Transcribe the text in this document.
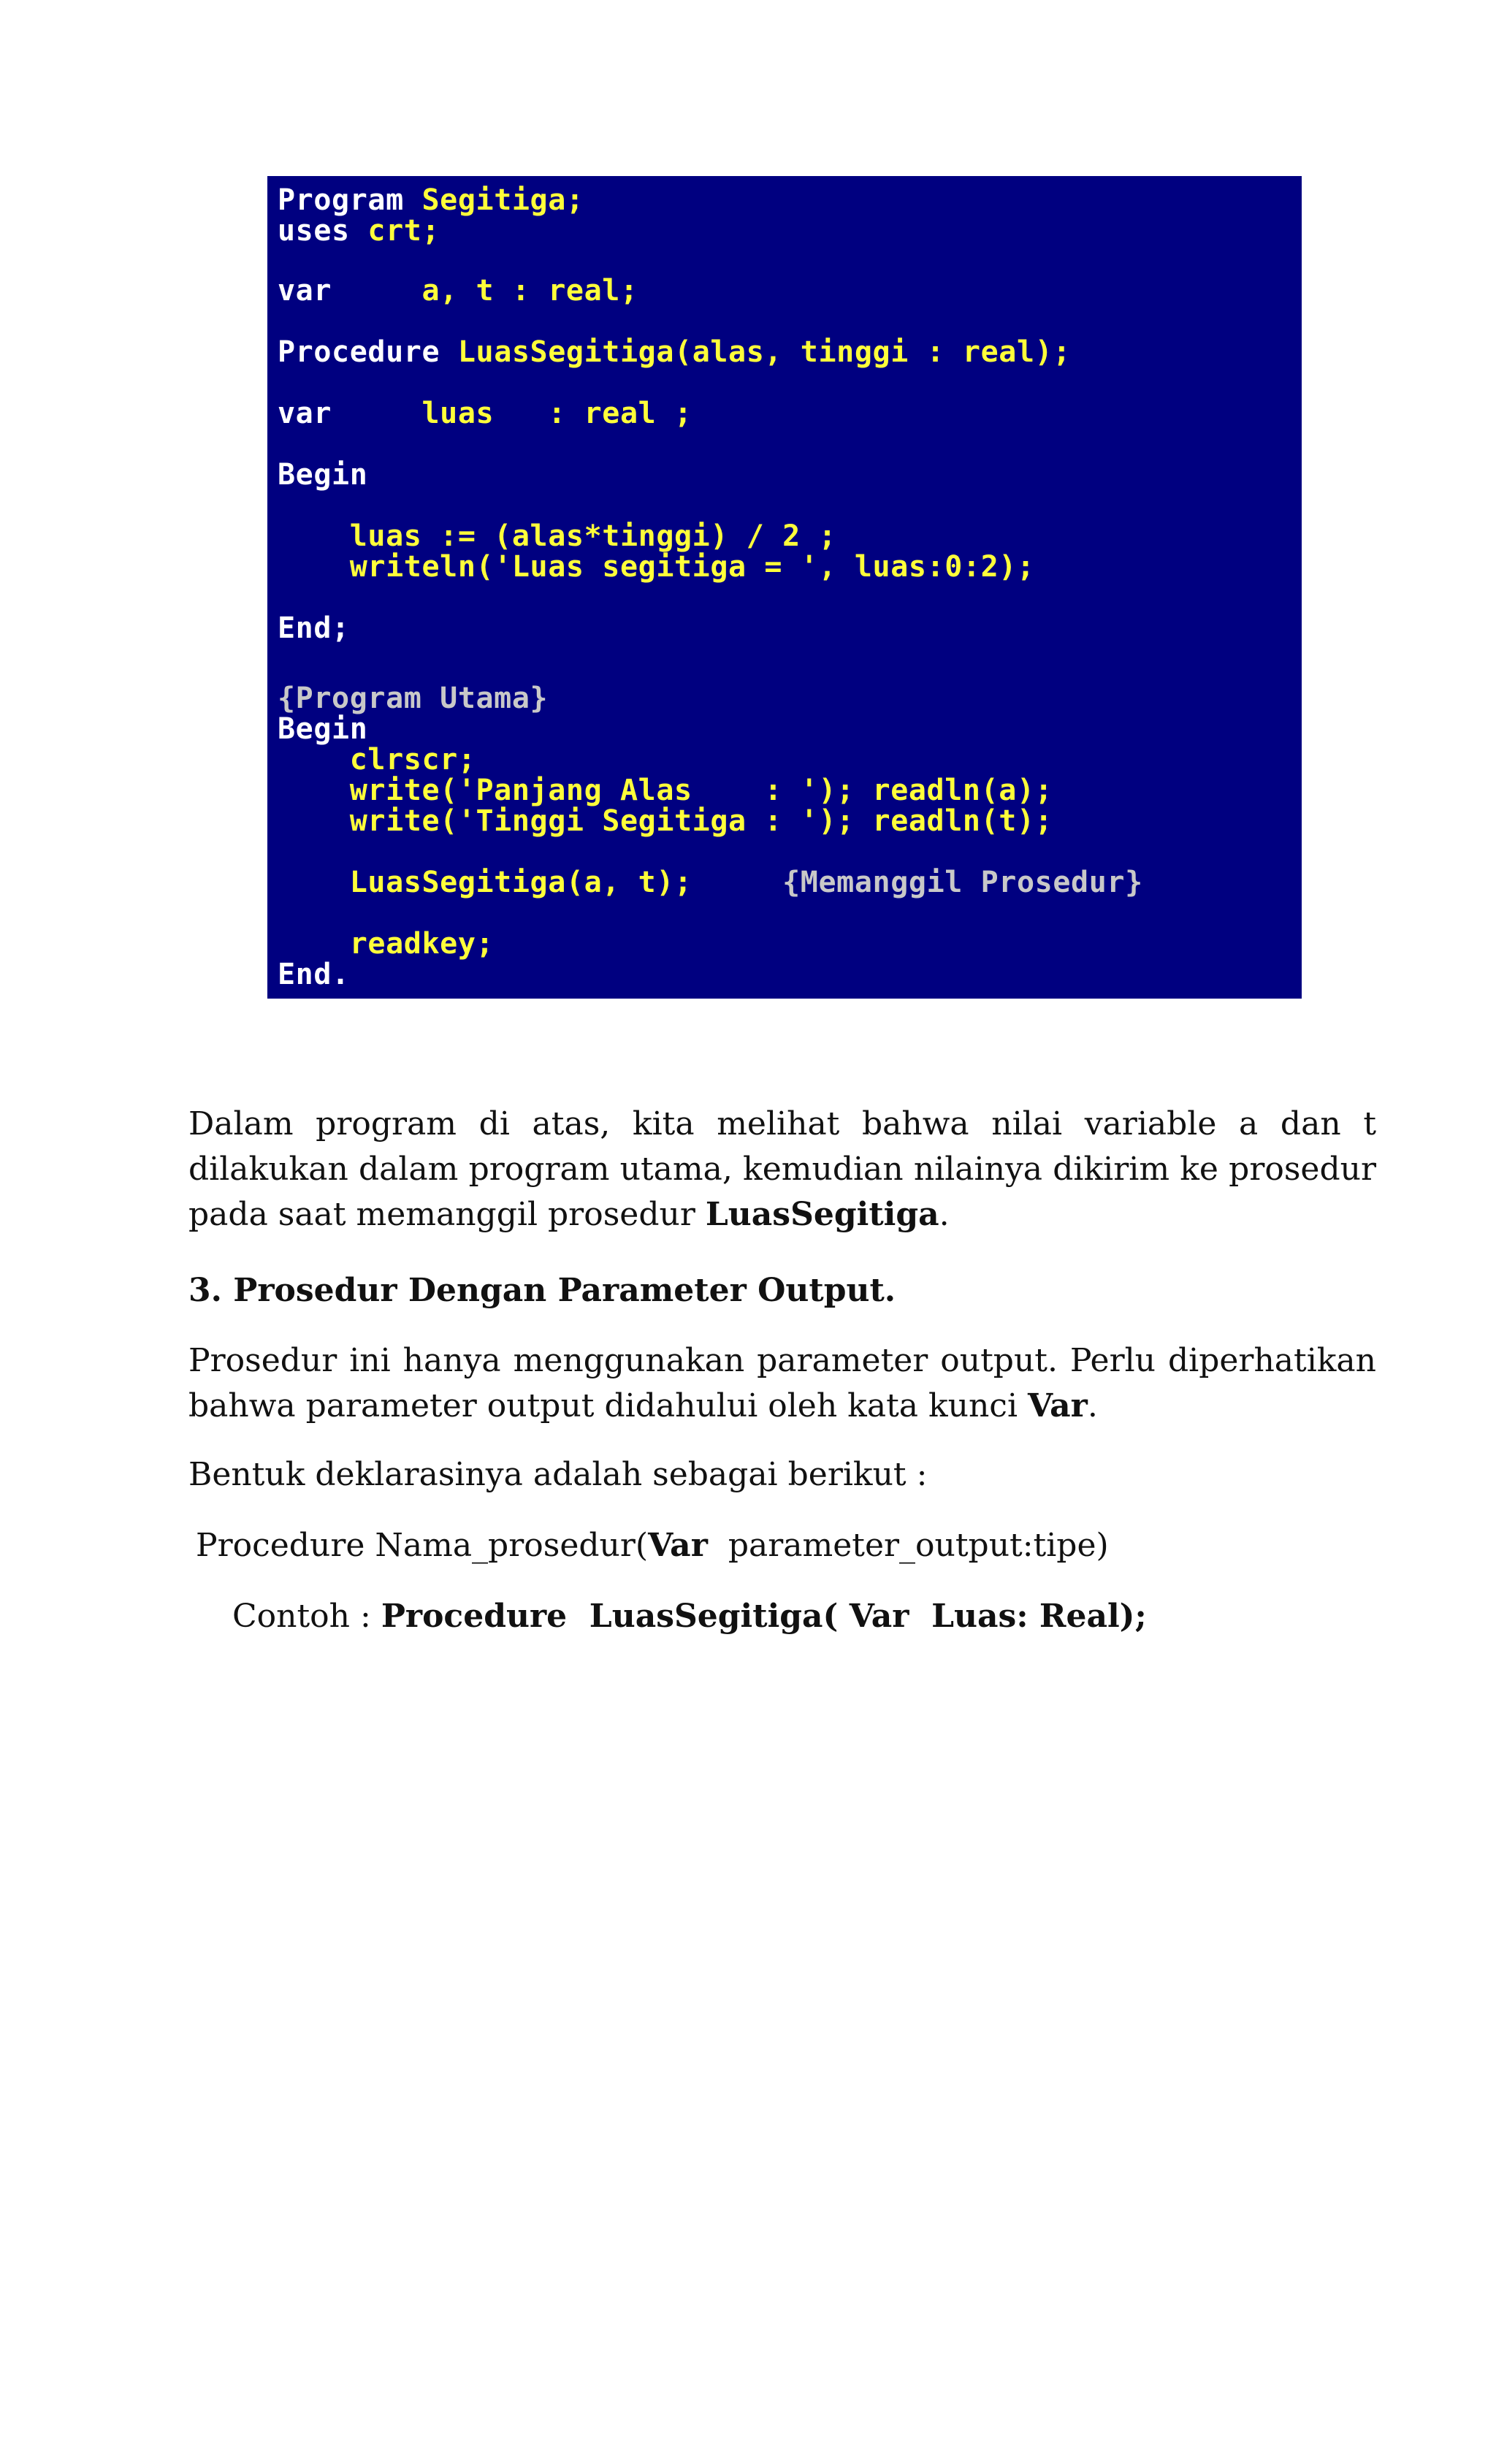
Program Segitiga;
uses crt;
var     a, t : real;
Procedure LuasSegitiga(alas, tinggi : real);
var     luas   : real ;
Begin
luas := (alas*tinggi) / 2 ;
writeln('Luas segitiga = ', luas:0:2);
End;
{Program Utama}
Begin
clrscr;
write('Panjang Alas    : '); readln(a);
write('Tinggi Segitiga : '); readln(t);
LuasSegitiga(a, t);     {Memanggil Prosedur}
readkey;
End.
Dalam program di atas, kita melihat bahwa nilai variable a dan t dilakukan dalam program utama, kemudian nilainya dikirim ke prosedur pada saat memanggil prosedur LuasSegitiga.
3. Prosedur Dengan Parameter Output.
Prosedur ini hanya menggunakan parameter output. Perlu diperhatikan bahwa parameter output didahului oleh kata kunci Var.
Bentuk deklarasinya adalah sebagai berikut :
Procedure Nama_prosedur(Var  parameter_output:tipe)
Contoh : Procedure  LuasSegitiga( Var  Luas: Real);
